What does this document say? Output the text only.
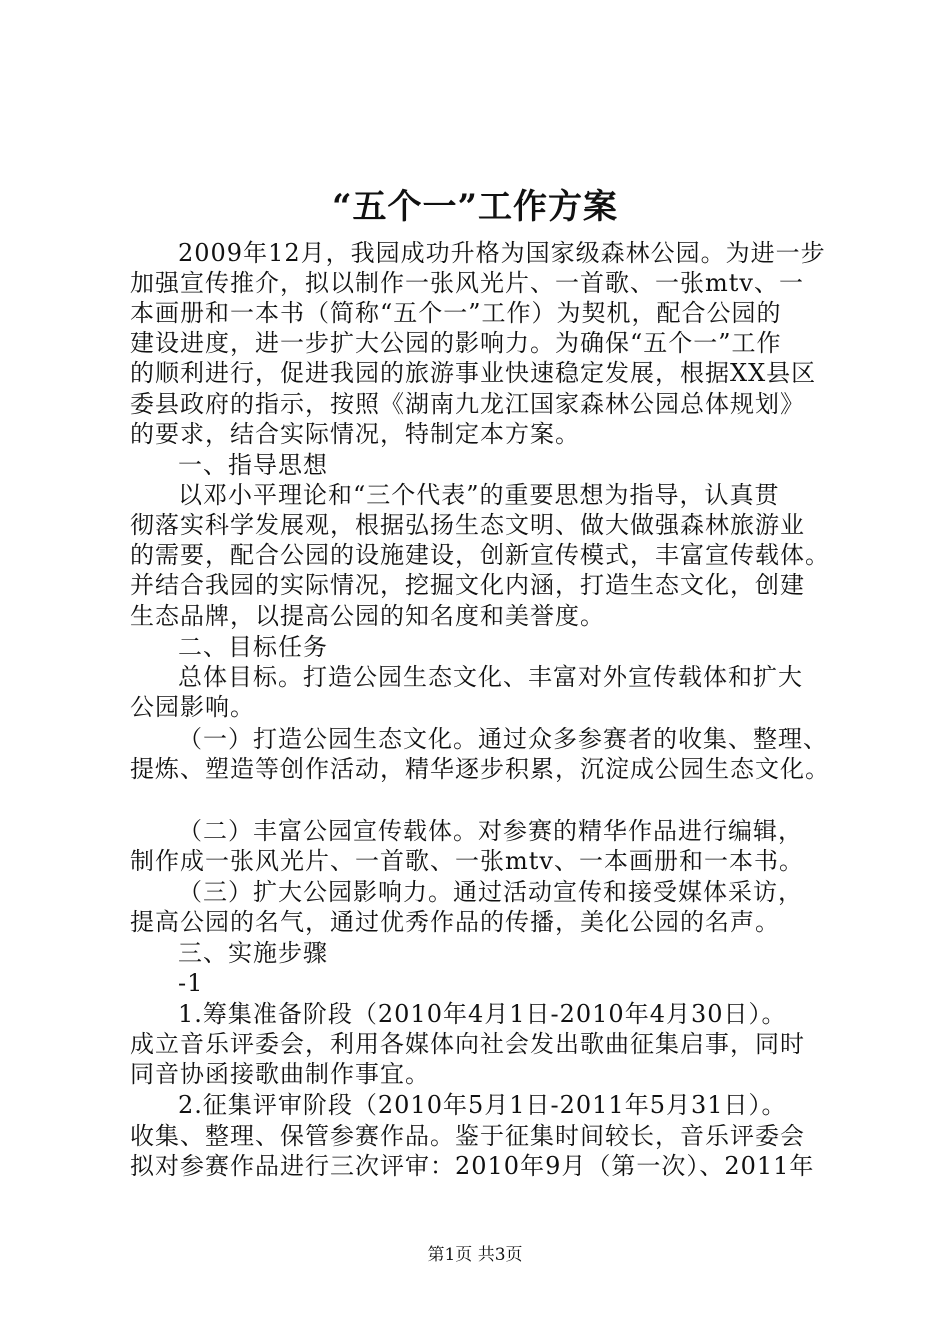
“五个一”工作方案
2009年12月，我园成功升格为国家级森林公园。为进一步
加强宣传推介，拟以制作一张风光片、一首歌、一张mtv、一
本画册和一本书（简称“五个一”工作）为契机，配合公园的
建设进度，进一步扩大公园的影响力。为确保“五个一”工作
的顺利进行，促进我园的旅游事业快速稳定发展，根据XX县区
委县政府的指示，按照《湖南九龙江国家森林公园总体规划》
的要求，结合实际情况，特制定本方案。
一、指导思想
以邓小平理论和“三个代表”的重要思想为指导，认真贯
彻落实科学发展观，根据弘扬生态文明、做大做强森林旅游业
的需要，配合公园的设施建设，创新宣传模式，丰富宣传载体。
并结合我园的实际情况，挖掘文化内涵，打造生态文化，创建
生态品牌，以提高公园的知名度和美誉度。
二、目标任务
总体目标。打造公园生态文化、丰富对外宣传载体和扩大
公园影响。
（一）打造公园生态文化。通过众多参赛者的收集、整理、
提炼、塑造等创作活动，精华逐步积累，沉淀成公园生态文化。
（二）丰富公园宣传载体。对参赛的精华作品进行编辑，
制作成一张风光片、一首歌、一张mtv、一本画册和一本书。
（三）扩大公园影响力。通过活动宣传和接受媒体采访，
提高公园的名气，通过优秀作品的传播，美化公园的名声。
三、实施步骤
-1
1.筹集准备阶段（2010年4月1日-2010年4月30日）。
成立音乐评委会，利用各媒体向社会发出歌曲征集启事，同时
同音协函接歌曲制作事宜。
2.征集评审阶段（2010年5月1日-2011年5月31日）。
收集、整理、保管参赛作品。鉴于征集时间较长，音乐评委会
拟对参赛作品进行三次评审：2010年9月（第一次）、2011年
第1页 共3页
